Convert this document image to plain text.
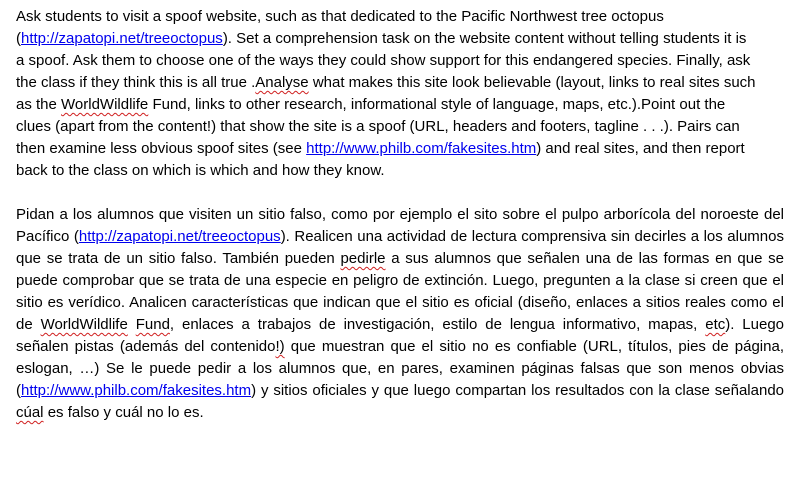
Ask students to visit a spoof website, such as that dedicated to the Pacific Northwest tree octopus (http://zapatopi.net/treeoctopus). Set a comprehension task on the website content without telling students it is a spoof. Ask them to choose one of the ways they could show support for this endangered species. Finally, ask the class if they think this is all true .Analyse what makes this site look believable (layout, links to real sites such as the WorldWildlife Fund, links to other research, informational style of language, maps, etc.).Point out the clues (apart from the content!) that show the site is a spoof (URL, headers and footers, tagline . . .). Pairs can then examine less obvious spoof sites (see http://www.philb.com/fakesites.htm) and real sites, and then report back to the class on which is which and how they know.

Pidan a los alumnos que visiten un sitio falso, como por ejemplo el sito sobre el pulpo arborícola del noroeste del Pacífico (http://zapatopi.net/treeoctopus). Realicen una actividad de lectura comprensiva sin decirles a los alumnos que se trata de un sitio falso. También pueden pedirle a sus alumnos que señalen una de las formas en que se puede comprobar que se trata de una especie en peligro de extinción. Luego, pregunten a la clase si creen que el sitio es verídico. Analicen características que indican que el sitio es oficial (diseño, enlaces a sitios reales como el de WorldWildlife Fund, enlaces a trabajos de investigación, estilo de lengua informativo, mapas, etc). Luego señalen pistas (además del contenido!) que muestran que el sitio no es confiable (URL, títulos, pies de página, eslogan, …) Se le puede pedir a los alumnos que, en pares, examinen páginas falsas que son menos obvias (http://www.philb.com/fakesites.htm) y sitios oficiales y que luego compartan los resultados con la clase señalando cúal es falso y cuál no lo es.
